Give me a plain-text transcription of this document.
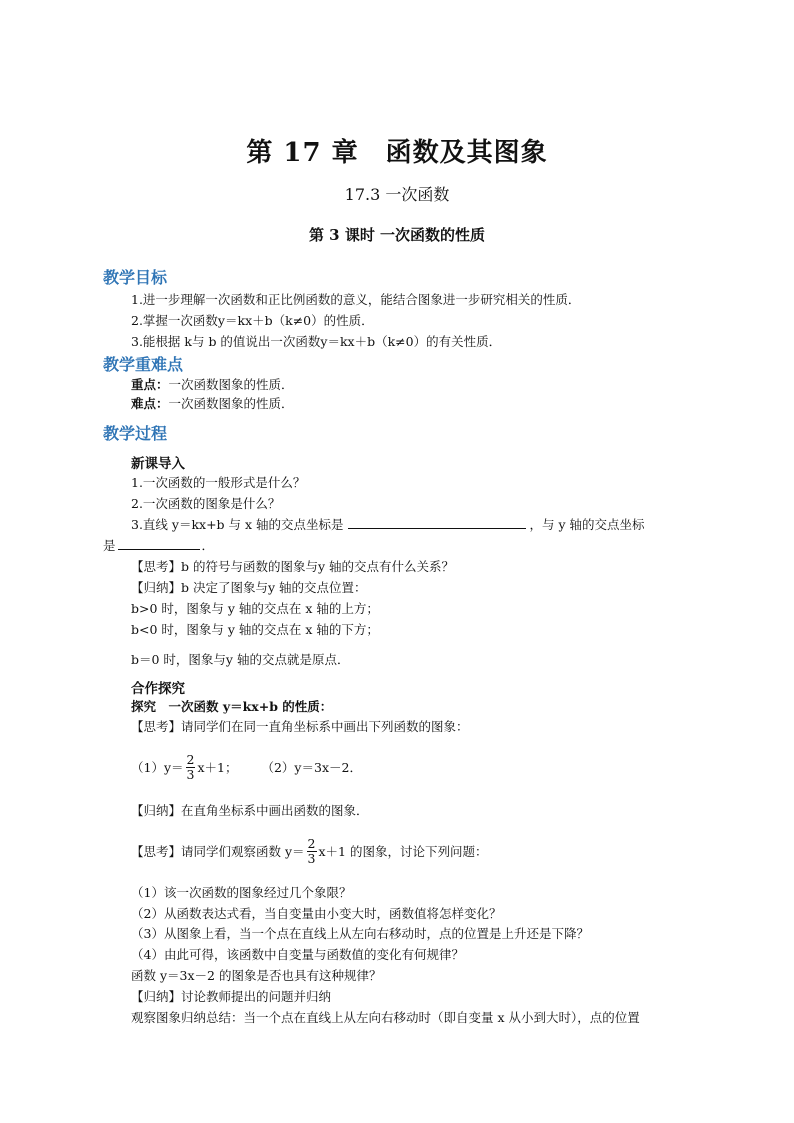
第 17 章　函数及其图象
17.3 一次函数
第 3 课时 一次函数的性质
教学目标
1.进一步理解一次函数和正比例函数的意义，能结合图象进一步研究相关的性质．
2.掌握一次函数y＝kx＋b（k≠0）的性质．
3.能根据 k与 b 的值说出一次函数y＝kx＋b（k≠0）的有关性质．
教学重难点
重点：一次函数图象的性质．
难点：一次函数图象的性质．
教学过程
新课导入
1.一次函数的一般形式是什么？
2.一次函数的图象是什么？
3.直线 y＝kx+b 与 x 轴的交点坐标是	，与 y 轴的交点坐标
是	．
【思考】b 的符号与函数的图象与y 轴的交点有什么关系？
【归纳】b 决定了图象与y 轴的交点位置：
b>0 时，图象与 y 轴的交点在 x 轴的上方；
b<0 时，图象与 y 轴的交点在 x 轴的下方；
b＝0 时，图象与y 轴的交点就是原点．
合作探究
探究　一次函数 y＝kx+b 的性质：
【思考】请同学们在同一直角坐标系中画出下列函数的图象：
$(1)y= \frac{2}{3} x+1$； （2）y＝3x－2．
【归纳】在直角坐标系中画出函数的图象．
【思考】请同学们观察函数 $y= \frac{2}{3} x+1$ 的图象，讨论下列问题：
（1）该一次函数的图象经过几个象限？
（2）从函数表达式看，当自变量由小变大时，函数值将怎样变化？
（3）从图象上看，当一个点在直线上从左向右移动时，点的位置是上升还是下降？
（4）由此可得，该函数中自变量与函数值的变化有何规律？
函数 y＝3x－2 的图象是否也具有这种规律？
【归纳】讨论教师提出的问题并归纳
观察图象归纳总结：当一个点在直线上从左向右移动时（即自变量 x 从小到大时），点的位置
